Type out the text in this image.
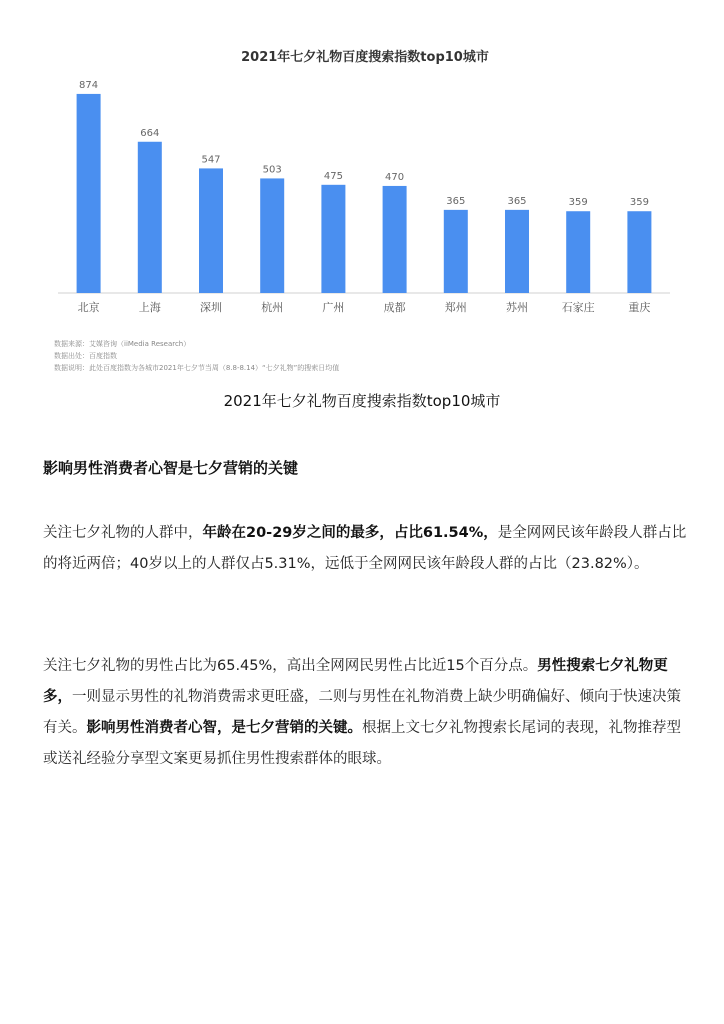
2021年七夕礼物百度搜索指数top10城市
874
北京
664
上海
547
深圳
503
杭州
475
广州
470
成都
365
郑州
365
苏州
359
石家庄
359
重庆
数据来源：艾媒咨询（iiMedia Research）
数据出处：百度指数
数据说明：此处百度指数为各城市2021年七夕节当周（8.8-8.14）“七夕礼物”的搜索日均值
2021年七夕礼物百度搜索指数top10城市
影响男性消费者心智是七夕营销的关键
关注七夕礼物的人群中，年龄在20-29岁之间的最多，占比61.54%，是全网网民该年龄段人群占比的将近两倍；40岁以上的人群仅占5.31%，远低于全网网民该年龄段人群的占比（23.82%）。
关注七夕礼物的男性占比为65.45%，高出全网网民男性占比近15个百分点。男性搜索七夕礼物更多，一则显示男性的礼物消费需求更旺盛，二则与男性在礼物消费上缺少明确偏好、倾向于快速决策有关。影响男性消费者心智，是七夕营销的关键。根据上文七夕礼物搜索长尾词的表现，礼物推荐型或送礼经验分享型文案更易抓住男性搜索群体的眼球。
